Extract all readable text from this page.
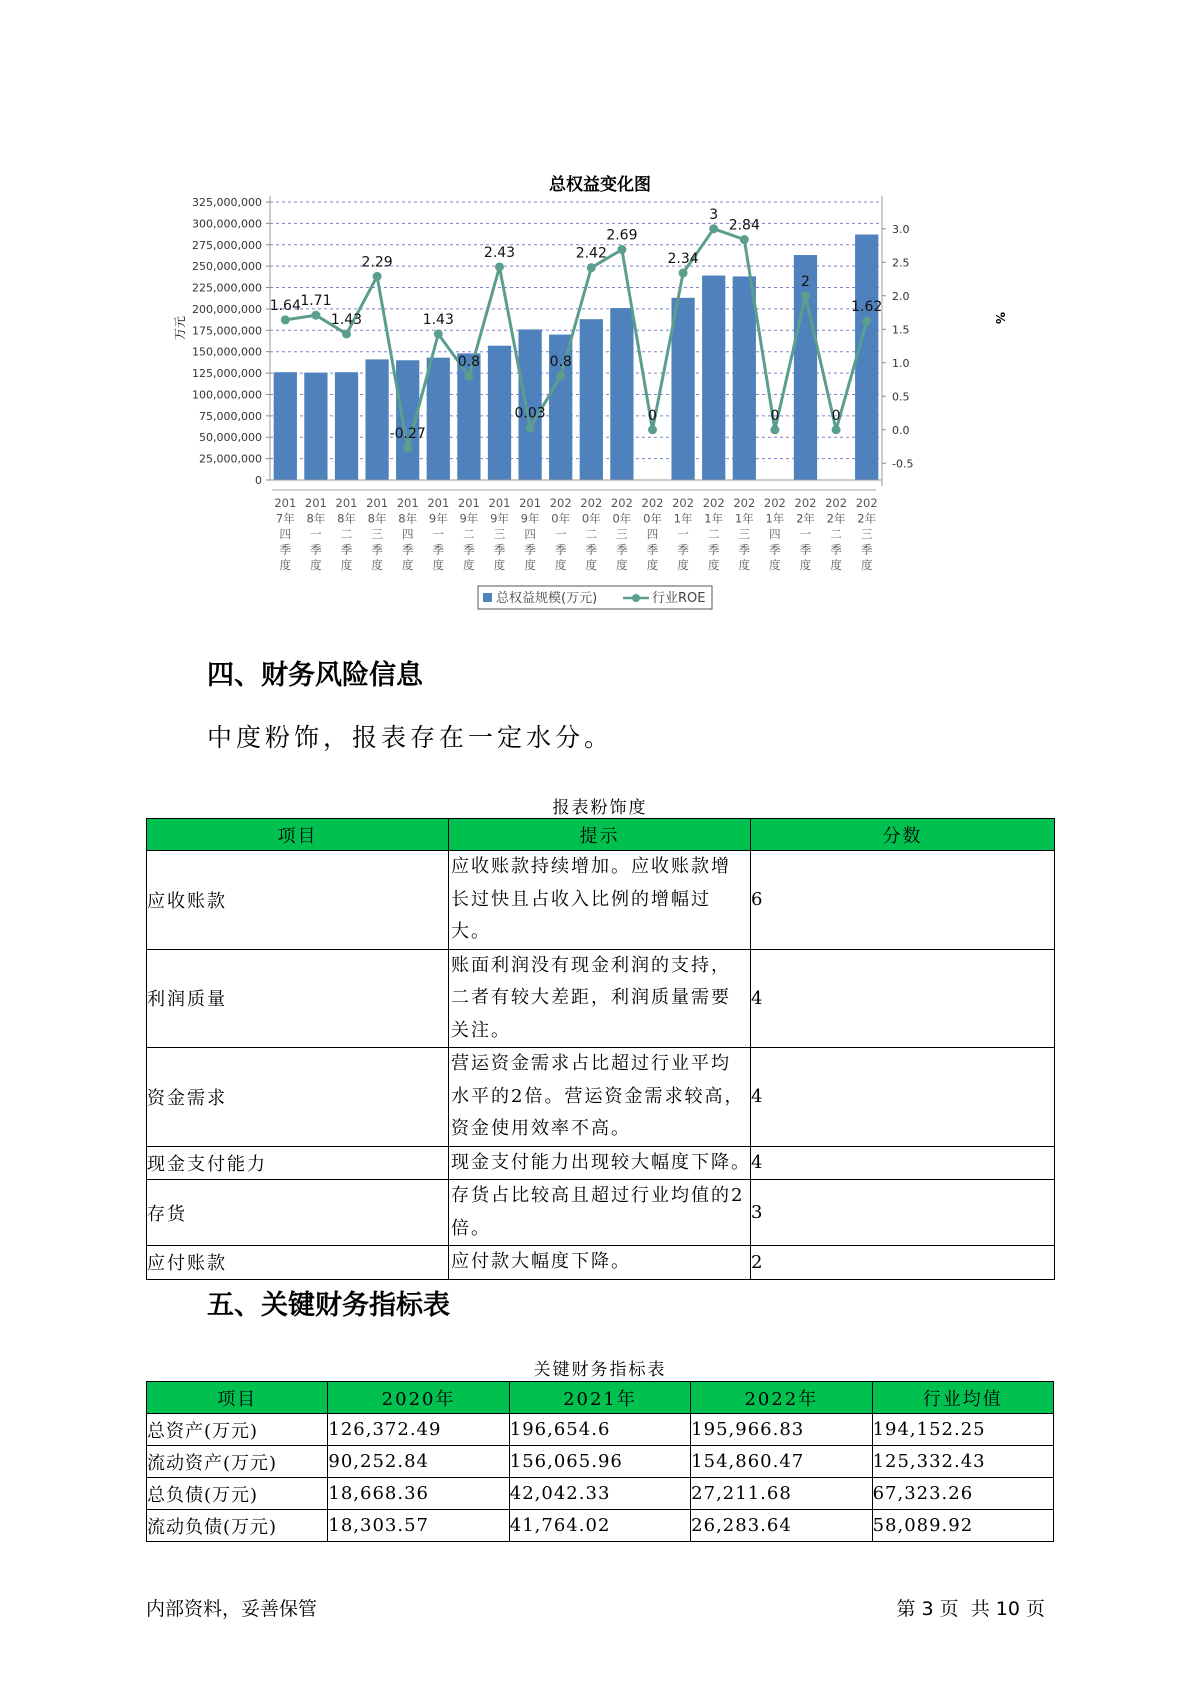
总权益变化图
1.64 1.71
1.43
2.29
-0.27
1.43
0.8
2.43
0.03
0.8
2.42
2.69
0
2.34
3
2.84
0
2
0
1.62
0
25,000,000
50,000,000
75,000,000
100,000,000
125,000,000
150,000,000
175,000,000
200,000,000
225,000,000
250,000,000
275,000,000
300,000,000
325,000,000
-0.5
0.0
0.5
1.0
1.5
2.0
2.5
3.0
201
7年
四
季
度
201
8年
一
季
度
201
8年
二
季
度
201
8年
三
季
度
201
8年
四
季
度
201
9年
一
季
度
201
9年
二
季
度
201
9年
三
季
度
201
9年
四
季
度
202
0年
一
季
度
202
0年
二
季
度
202
0年
三
季
度
202
0年
四
季
度
202
1年
一
季
度
202
1年
二
季
度
202
1年
三
季
度
202
1年
四
季
度
202
2年
一
季
度
202
2年
二
季
度
202
2年
三
季
度
万元	%
总权益规模(万元)	行业ROE
四、财务风险信息
中度粉饰，报表存在一定水分。
报表粉饰度
项目	提示	分数
应收账款	应收账款持续增加。应收账款增长过快且占收入比例的增幅过大。	6
利润质量	账面利润没有现金利润的支持，二者有较大差距，利润质量需要关注。	4
资金需求	营运资金需求占比超过行业平均水平的2倍。营运资金需求较高，资金使用效率不高。	4
现金支付能力	现金支付能力出现较大幅度下降。	4
存货	存货占比较高且超过行业均值的2倍。	3
应付账款	应付款大幅度下降。	2
五、关键财务指标表
关键财务指标表
项目	2020年	2021年	2022年	行业均值
总资产(万元)	126,372.49	196,654.6	195,966.83	194,152.25
流动资产(万元)	90,252.84	156,065.96	154,860.47	125,332.43
总负债(万元)	18,668.36	42,042.33	27,211.68	67,323.26
流动负债(万元)	18,303.57	41,764.02	26,283.64	58,089.92
内部资料，妥善保管	第 3 页  共 10 页
